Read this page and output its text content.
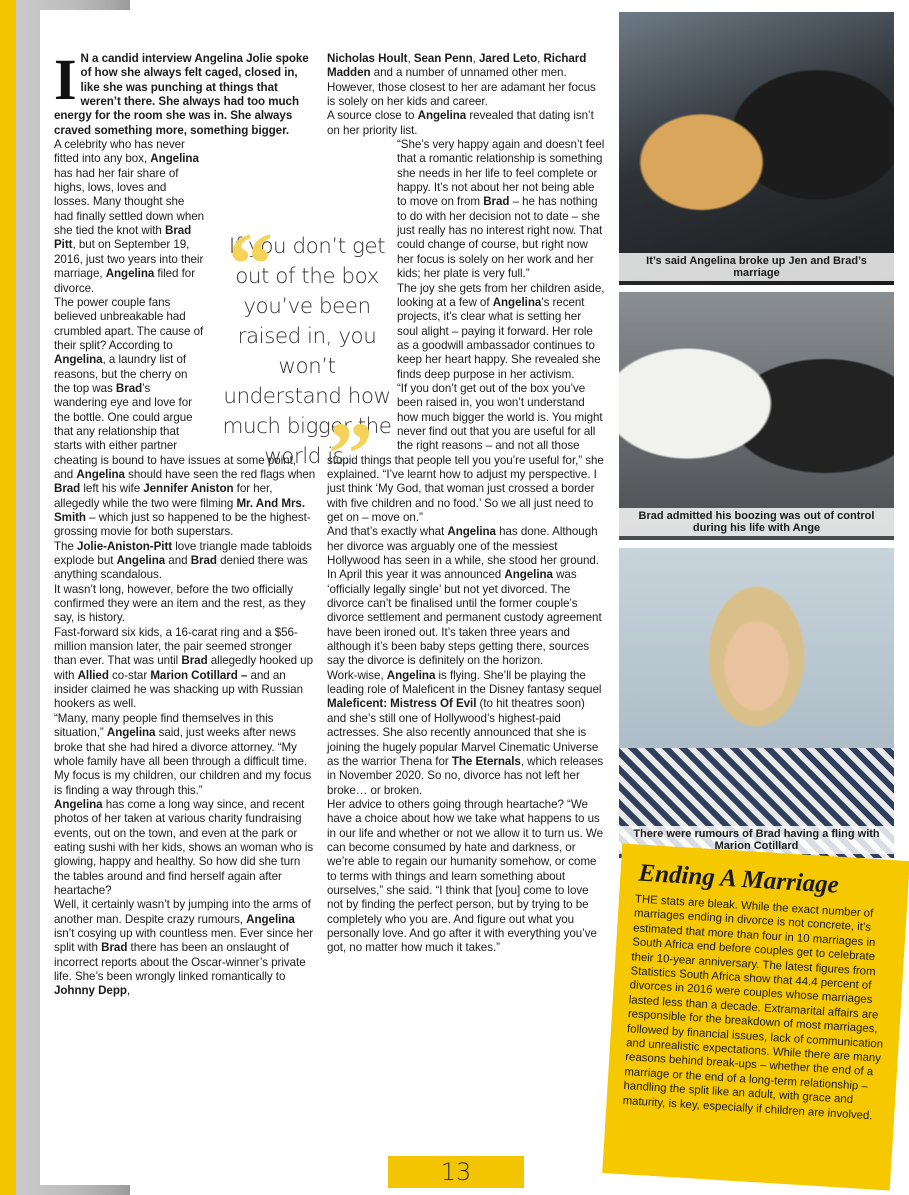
I N a candid interview Angelina Jolie spoke of how she always felt caged, closed in, like she was punching at things that weren’t there. She always had too much energy for the room she was in. She always craved something more, something bigger.

A celebrity who has never fitted into any box, Angelina has had her fair share of highs, lows, loves and losses. Many thought she had finally settled down when she tied the knot with Brad Pitt, but on September 19, 2016, just two years into their marriage, Angelina filed for divorce.

The power couple fans believed unbreakable had crumbled apart. The cause of their split? According to Angelina, a laundry list of reasons, but the cherry on the top was Brad’s wandering eye and love for the bottle. One could argue that any relationship that starts with either partner cheating is bound to have issues at some point, and Angelina should have seen the red flags when Brad left his wife Jennifer Aniston for her, allegedly while the two were filming Mr. And Mrs. Smith – which just so happened to be the highest-grossing movie for both superstars.

The Jolie-Aniston-Pitt love triangle made tabloids explode but Angelina and Brad denied there was anything scandalous.

It wasn’t long, however, before the two officially confirmed they were an item and the rest, as they say, is history.

Fast-forward six kids, a 16-carat ring and a $56-million mansion later, the pair seemed stronger than ever. That was until Brad allegedly hooked up with Allied co-star Marion Cotillard – and an insider claimed he was shacking up with Russian hookers as well.

“Many, many people find themselves in this situation,” Angelina said, just weeks after news broke that she had hired a divorce attorney. “My whole family have all been through a difficult time. My focus is my children, our children and my focus is finding a way through this.”

Angelina has come a long way since, and recent photos of her taken at various charity fundraising events, out on the town, and even at the park or eating sushi with her kids, shows an woman who is glowing, happy and healthy. So how did she turn the tables around and find herself again after heartache?

Well, it certainly wasn’t by jumping into the arms of another man. Despite crazy rumours, Angelina isn’t cosying up with countless men. Ever since her split with Brad there has been an onslaught of incorrect reports about the Oscar-winner’s private life. She’s been wrongly linked romantically to Johnny Depp,

Nicholas Hoult, Sean Penn, Jared Leto, Richard Madden and a number of unnamed other men. However, those closest to her are adamant her focus is solely on her kids and career.

A source close to Angelina revealed that dating isn’t on her priority list.

“She’s very happy again and doesn’t feel that a romantic relationship is something she needs in her life to feel complete or happy. It’s not about her not being able to move on from Brad – he has nothing to do with her decision not to date – she just really has no interest right now. That could change of course, but right now her focus is solely on her work and her kids; her plate is very full.”

The joy she gets from her children aside, looking at a few of Angelina’s recent projects, it’s clear what is setting her soul alight – paying it forward. Her role as a goodwill ambassador continues to keep her heart happy. She revealed she finds deep purpose in her activism.

“If you don’t get out of the box you’ve been raised in, you won’t understand how much bigger the world is. You might never find out that you are useful for all the right reasons – and not all those stupid things that people tell you you’re useful for,” she explained. “I’ve learnt how to adjust my perspective. I just think ‘My God, that woman just crossed a border with five children and no food.’ So we all just need to get on – move on.”

And that’s exactly what Angelina has done. Although her divorce was arguably one of the messiest Hollywood has seen in a while, she stood her ground. In April this year it was announced Angelina was ‘officially legally single’ but not yet divorced. The divorce can’t be finalised until the former couple’s divorce settlement and permanent custody agreement have been ironed out. It’s taken three years and although it’s been baby steps getting there, sources say the divorce is definitely on the horizon.

Work-wise, Angelina is flying. She’ll be playing the leading role of Maleficent in the Disney fantasy sequel Maleficent: Mistress Of Evil (to hit theatres soon) and she’s still one of Hollywood’s highest-paid actresses. She also recently announced that she is joining the hugely popular Marvel Cinematic Universe as the warrior Thena for The Eternals, which releases in November 2020. So no, divorce has not left her broke… or broken.

Her advice to others going through heartache? “We have a choice about how we take what happens to us in our life and whether or not we allow it to turn us. We can become consumed by hate and darkness, or we’re able to regain our humanity somehow, or come to terms with things and learn something about ourselves,” she said. “I think that [you] come to love not by finding the perfect person, but by trying to be completely who you are. And figure out what you personally love. And go after it with everything you’ve got, no matter how much it takes.”

If you don’t get out of the box you’ve been raised in, you won’t understand how much bigger the world is.
“
”
It’s said Angelina broke up Jen and Brad’s marriage
Brad admitted his boozing was out of control during his life with Ange
There were rumours of Brad having a fling with Marion Cotillard
Ending A Marriage

THE stats are bleak. While the exact number of marriages ending in divorce is not concrete, it’s estimated that more than four in 10 marriages in South Africa end before couples get to celebrate their 10-year anniversary. The latest figures from Statistics South Africa show that 44.4 percent of divorces in 2016 were couples whose marriages lasted less than a decade. Extramarital affairs are responsible for the breakdown of most marriages, followed by financial issues, lack of communication and unrealistic expectations. While there are many reasons behind break-ups – whether the end of a marriage or the end of a long-term relationship – handling the split like an adult, with grace and maturity, is key, especially if children are involved.

13
